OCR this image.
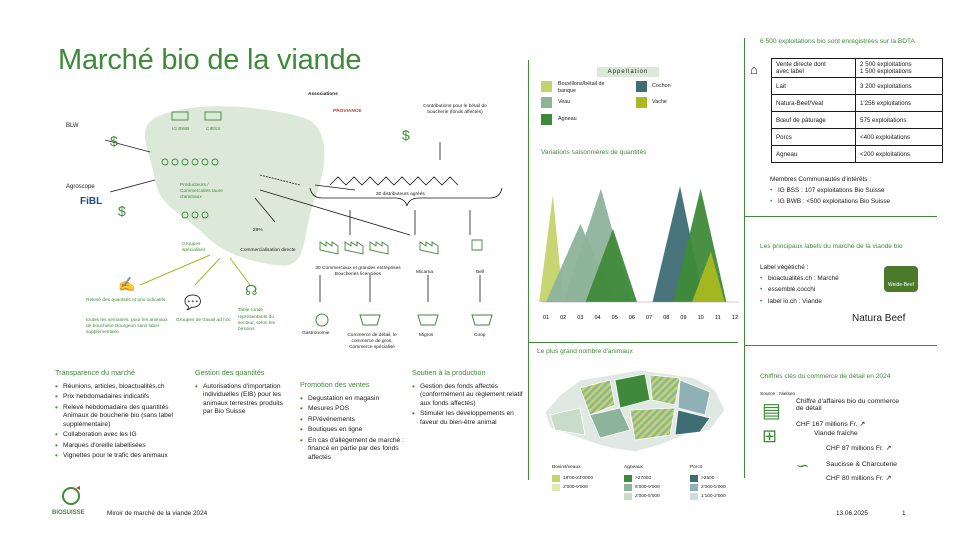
Marché bio de la viande
BLW
Agroscope
FiBL
$
$
IG BWB	CIBSS
Producteurs / Commerciales taure d'animaux
Groupes spécialisés
Associations
PROVIANCE
Contributions pour le bétail de boucherie (fonds affectés)
$
30 distributeurs agréés
29%
Commercialisation directe
30 Commerciaux et grandes entreprises Boucheries licenciées	Micarna	Bell
Gastronomie	Commerce de détail, le commerce de gros, Commerce spécialisé
Migros	Coop
✍
Relevé des quantités et prix indicatifs
toutes les semaines, pour les animaux de boucherie Bourgeon sans label supplémentaire
💬
Groupes de travail ad hoc
☊
Table ronde
représentants du secteur, selon les besoins
Transparence du marché
• Réunions, articles, bioactualités.ch
• Prix hebdomadaires indicatifs
• Relevé hebdomadaire des quantités Animaux de boucherie bio (sans label supplémentaire)
• Collaboration avec les IG
• Marques d'oreille labellisées
• Vignettes pour le trafic des animaux
Gestion des quantités
• Autorisations d'importation individuelles (EIB) pour les animaux terrestres produits par Bio Suisse
Promotion des ventes
• Degustation en magasin
• Mesures POS
• RP/événements
• Boutiques en ligne
• En cas d'allègement de marché : financé en partie par des fonds affectés
Soutien à la production
• Gestion des fonds affectés (conformément au règlement relatif aux fonds affectés)
• Stimuler les développements en faveur du bien-être animal
Appellation
Bouvillons/bétail de banque
Cochon
Veau	Vache
Agneau
Variations saisonnières de quantités
01 02 03 04 05 06 07 08 09 10 11 12
Le plus grand nombre d'animaux
Bovins/veaux
18'00-24'0000
2'000-9'000
Agneaux
>27000
5'000-9'000
2'000-5'000
Porcs
>2500
2'000-5'000
1'100-2'000
6 500 exploitations bio sont enregistrées sur la BDTA
⌂	Vente directe dont avec label	2 500 exploitations
1 500 exploitations
Lait	3 200 exploitations
Natura-Beef/Veal	1'256 exploitations
Bœuf de pâturage	575 exploitations
Porcs	<400 exploitations
Agneau	<200 exploitations
Membres Communautés d'intérêts :
• IG BSS : 107 exploitations Bio Suisse
• IG BWB : <500 exploitations Bio Suisse
Les principaux labels du marché de la viande bio
Label végétiché :
• bioactualités.ch : Marché
• essemblé.cocchi
• label lo.ch : Viande
Weide-Beef
Natura Beef
Chiffres clés du commerce de détail en 2024
Source : Nielsen
▤ Chiffre d'affaires bio du commerce de détail
CHF 167 millions Fr. ↗
⊞	Viande fraîche
CHF 87 millions Fr. ↗
∽ Saucisse & Charcuterie
CHF 80 millions Fr. ↗
BIOSUISSE	Miroir de marché de la viande 2024	13.06.2025	1
